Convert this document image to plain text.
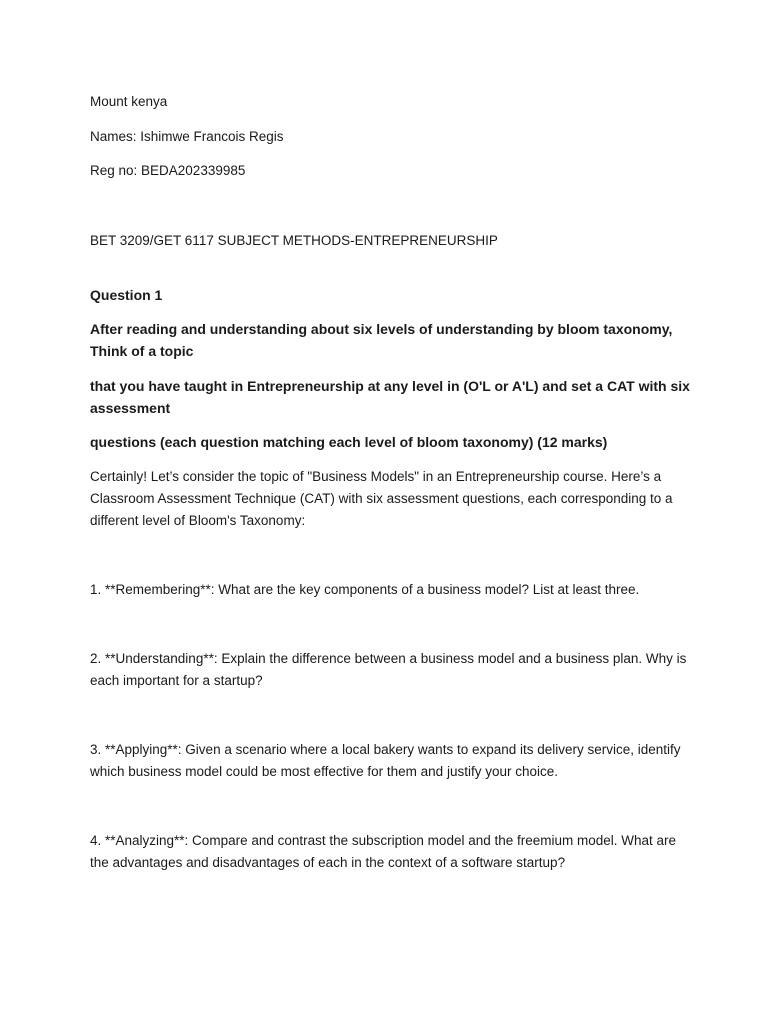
Mount kenya

Names: Ishimwe Francois Regis

Reg no: BEDA202339985

BET 3209/GET 6117 SUBJECT METHODS-ENTREPRENEURSHIP

Question 1

After reading and understanding about six levels of understanding by bloom taxonomy, Think of a topic

that you have taught in Entrepreneurship at any level in (O'L or A'L) and set a CAT with six assessment

questions (each question matching each level of bloom taxonomy) (12 marks)

Certainly! Let’s consider the topic of "Business Models" in an Entrepreneurship course. Here’s a Classroom Assessment Technique (CAT) with six assessment questions, each corresponding to a different level of Bloom's Taxonomy:

1. **Remembering**: What are the key components of a business model? List at least three.

2. **Understanding**: Explain the difference between a business model and a business plan. Why is each important for a startup?

3. **Applying**: Given a scenario where a local bakery wants to expand its delivery service, identify which business model could be most effective for them and justify your choice.

4. **Analyzing**: Compare and contrast the subscription model and the freemium model. What are the advantages and disadvantages of each in the context of a software startup?
